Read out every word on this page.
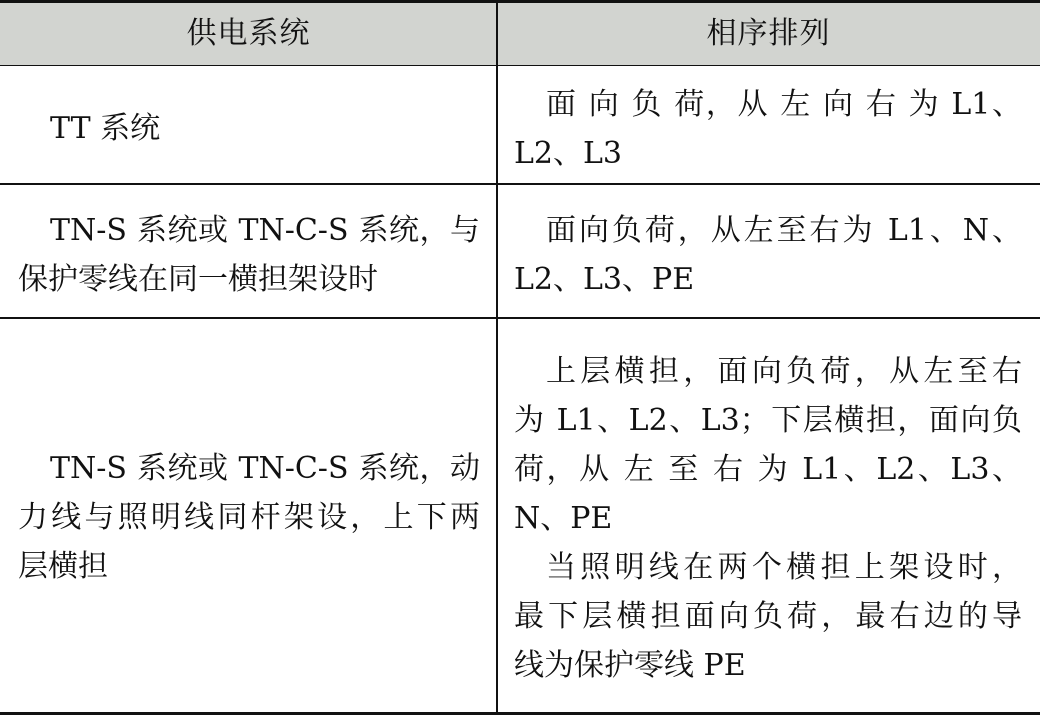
供电系统	相序排列
TT 系统
面 向 负 荷，从 左 向 右 为 L1、
L2、L3
TN-S 系统或 TN-C-S 系统，与
保护零线在同一横担架设时
面向负荷，从左至右为 L1、N、
L2、L3、PE
TN-S 系统或 TN-C-S 系统，动
力线与照明线同杆架设，上下两
层横担
上层横担，面向负荷，从左至右
为 L1、L2、L3；下层横担，面向负
荷，从 左 至 右 为 L1、L2、L3、
N、PE
当照明线在两个横担上架设时，
最下层横担面向负荷，最右边的导
线为保护零线 PE
